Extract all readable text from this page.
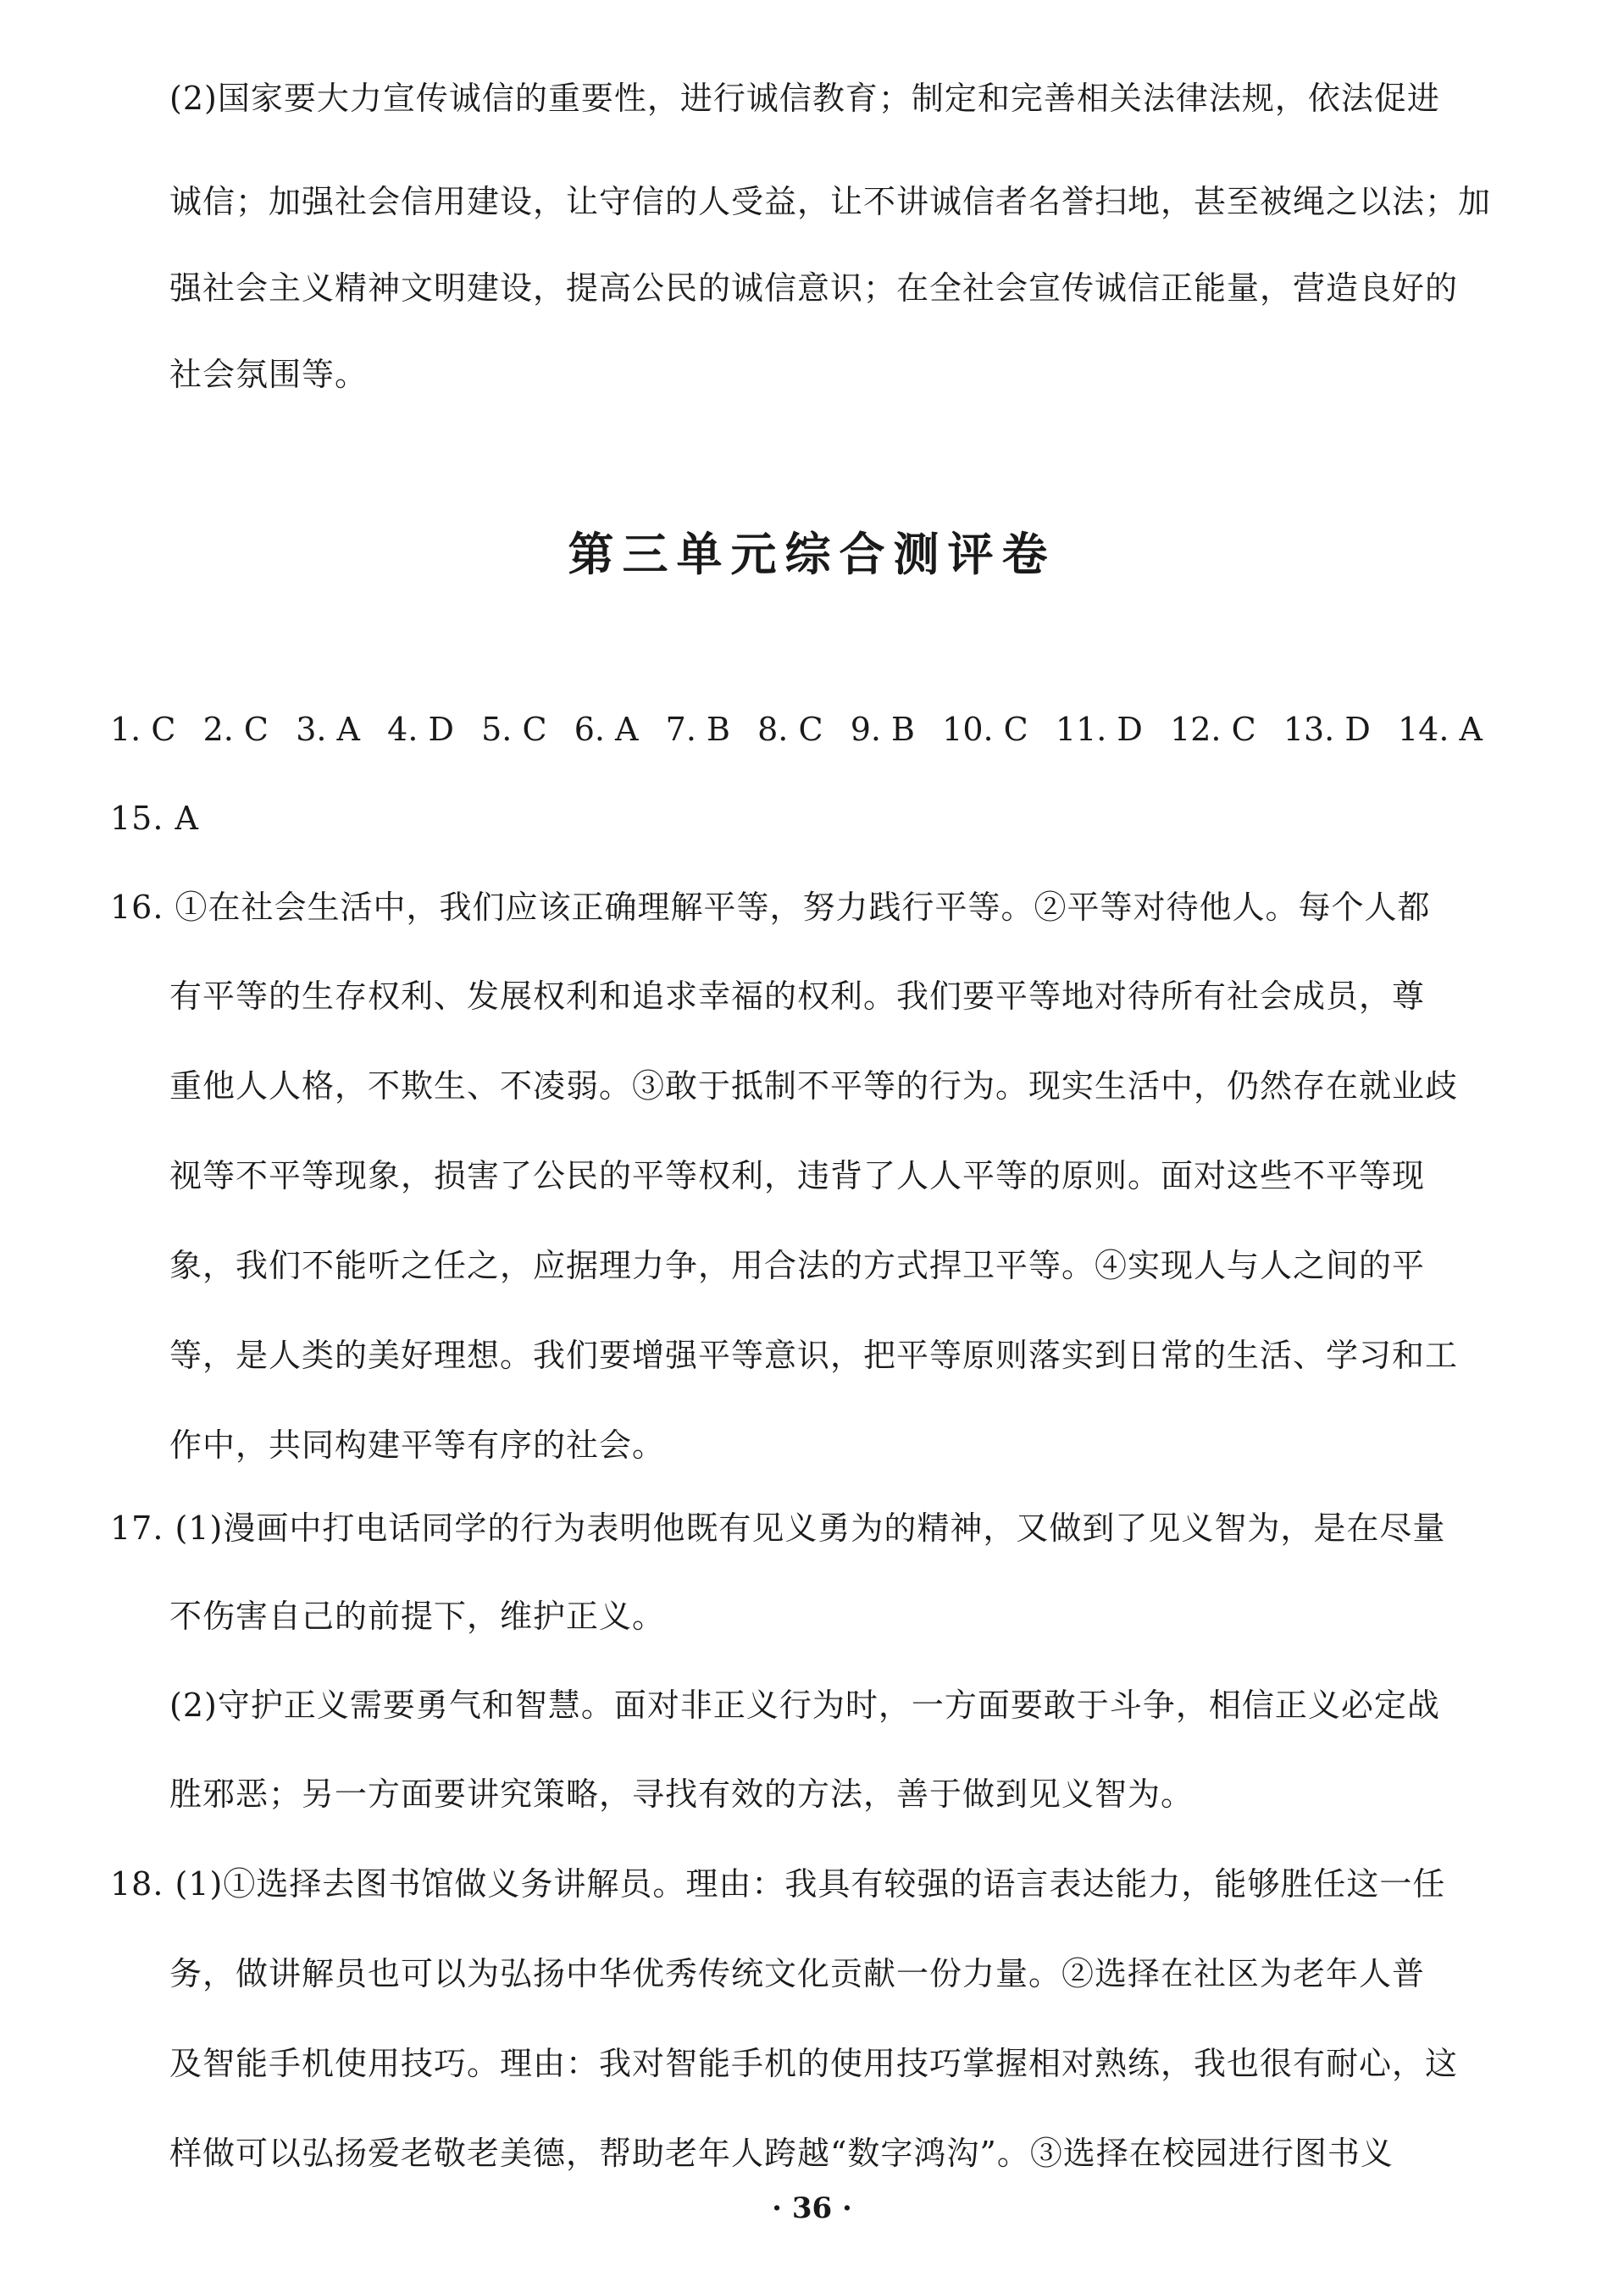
(2)国家要大力宣传诚信的重要性，进行诚信教育；制定和完善相关法律法规，依法促进
诚信；加强社会信用建设，让守信的人受益，让不讲诚信者名誉扫地，甚至被绳之以法；加
强社会主义精神文明建设，提高公民的诚信意识；在全社会宣传诚信正能量，营造良好的
社会氛围等。
第三单元综合测评卷
1. C 2. C 3. A 4. D 5. C 6. A 7. B 8. C 9. B 10. C 11. D 12. C 13. D 14. A
15. A
16. ①在社会生活中，我们应该正确理解平等，努力践行平等。②平等对待他人。每个人都
有平等的生存权利、发展权利和追求幸福的权利。我们要平等地对待所有社会成员，尊
重他人人格，不欺生、不凌弱。③敢于抵制不平等的行为。现实生活中，仍然存在就业歧
视等不平等现象，损害了公民的平等权利，违背了人人平等的原则。面对这些不平等现
象，我们不能听之任之，应据理力争，用合法的方式捍卫平等。④实现人与人之间的平
等，是人类的美好理想。我们要增强平等意识，把平等原则落实到日常的生活、学习和工
作中，共同构建平等有序的社会。
17. (1)漫画中打电话同学的行为表明他既有见义勇为的精神，又做到了见义智为，是在尽量
不伤害自己的前提下，维护正义。
(2)守护正义需要勇气和智慧。面对非正义行为时，一方面要敢于斗争，相信正义必定战
胜邪恶；另一方面要讲究策略，寻找有效的方法，善于做到见义智为。
18. (1)①选择去图书馆做义务讲解员。理由：我具有较强的语言表达能力，能够胜任这一任
务，做讲解员也可以为弘扬中华优秀传统文化贡献一份力量。②选择在社区为老年人普
及智能手机使用技巧。理由：我对智能手机的使用技巧掌握相对熟练，我也很有耐心，这
样做可以弘扬爱老敬老美德，帮助老年人跨越“数字鸿沟”。③选择在校园进行图书义
· 36 ·
